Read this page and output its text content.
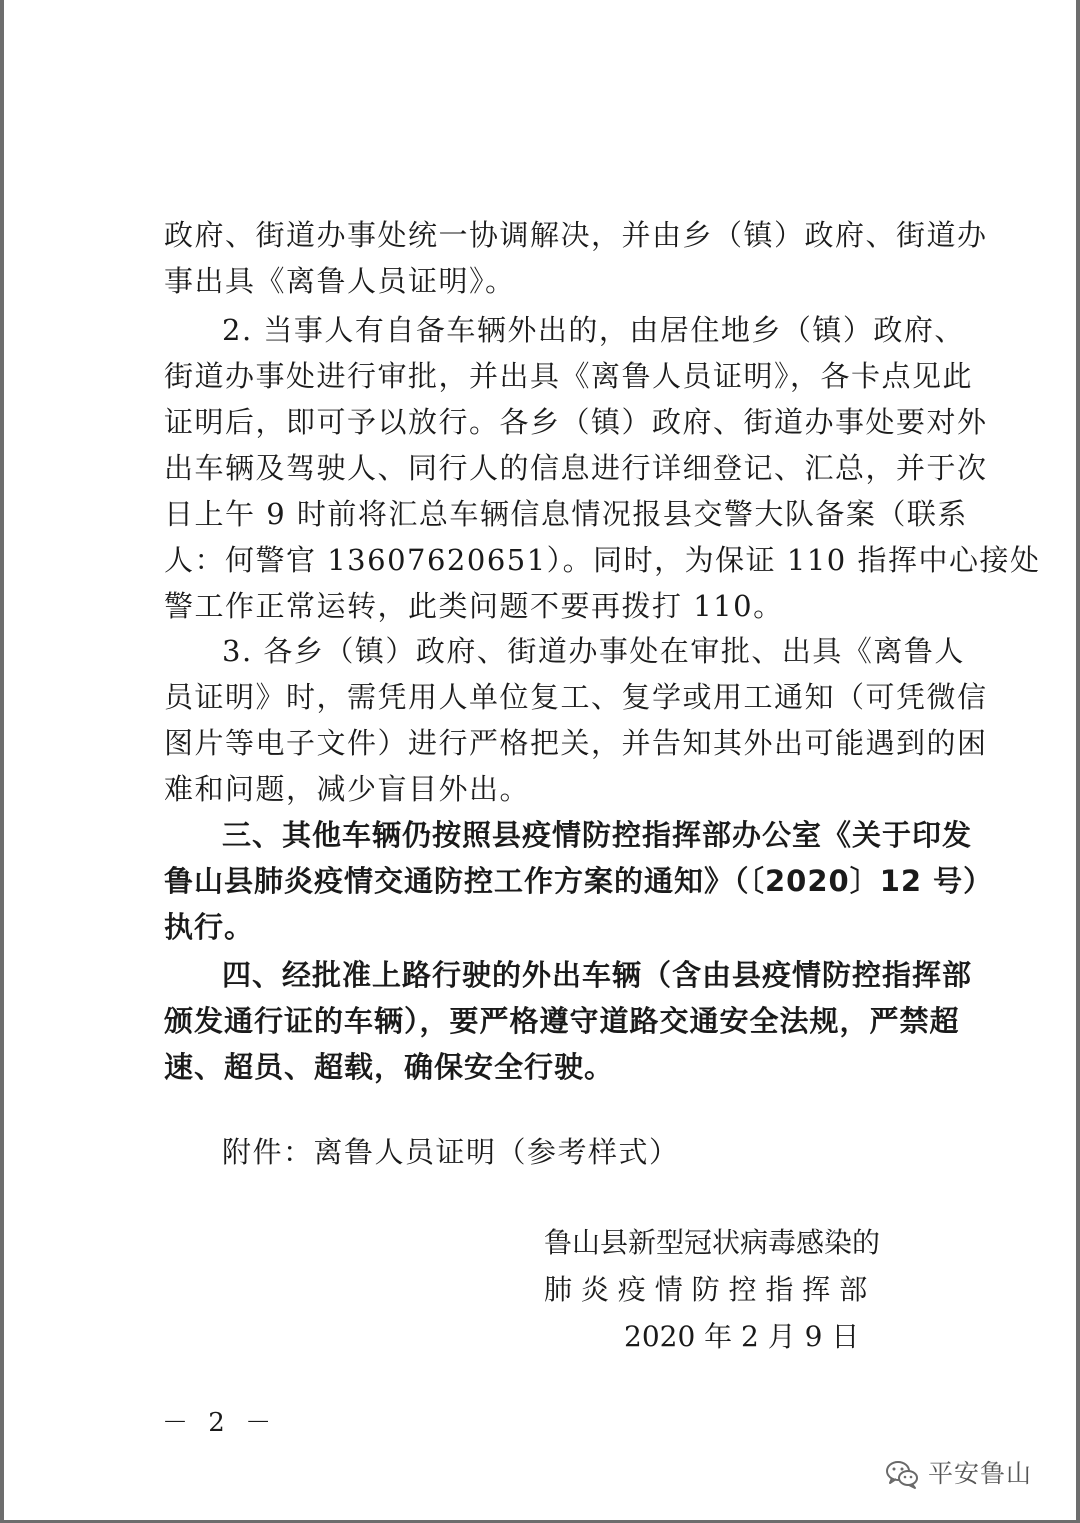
政府、街道办事处统一协调解决，并由乡（镇）政府、街道办
事出具《离鲁人员证明》。
2. 当事人有自备车辆外出的，由居住地乡（镇）政府、
街道办事处进行审批，并出具《离鲁人员证明》，各卡点见此
证明后，即可予以放行。各乡（镇）政府、街道办事处要对外
出车辆及驾驶人、同行人的信息进行详细登记、汇总，并于次
日上午 9 时前将汇总车辆信息情况报县交警大队备案（联系
人：何警官 13607620651）。同时，为保证 110 指挥中心接处
警工作正常运转，此类问题不要再拨打 110。
3. 各乡（镇）政府、街道办事处在审批、出具《离鲁人
员证明》时，需凭用人单位复工、复学或用工通知（可凭微信
图片等电子文件）进行严格把关，并告知其外出可能遇到的困
难和问题，减少盲目外出。
三、其他车辆仍按照县疫情防控指挥部办公室《关于印发
鲁山县肺炎疫情交通防控工作方案的通知》（〔2020〕12 号）
执行。
四、经批准上路行驶的外出车辆（含由县疫情防控指挥部
颁发通行证的车辆），要严格遵守道路交通安全法规，严禁超
速、超员、超载，确保安全行驶。
附件：离鲁人员证明（参考样式）
鲁山县新型冠状病毒感染的
肺 炎 疫 情 防 控 指 挥 部
2020 年 2 月 9 日
－ 2 －
平安鲁山
